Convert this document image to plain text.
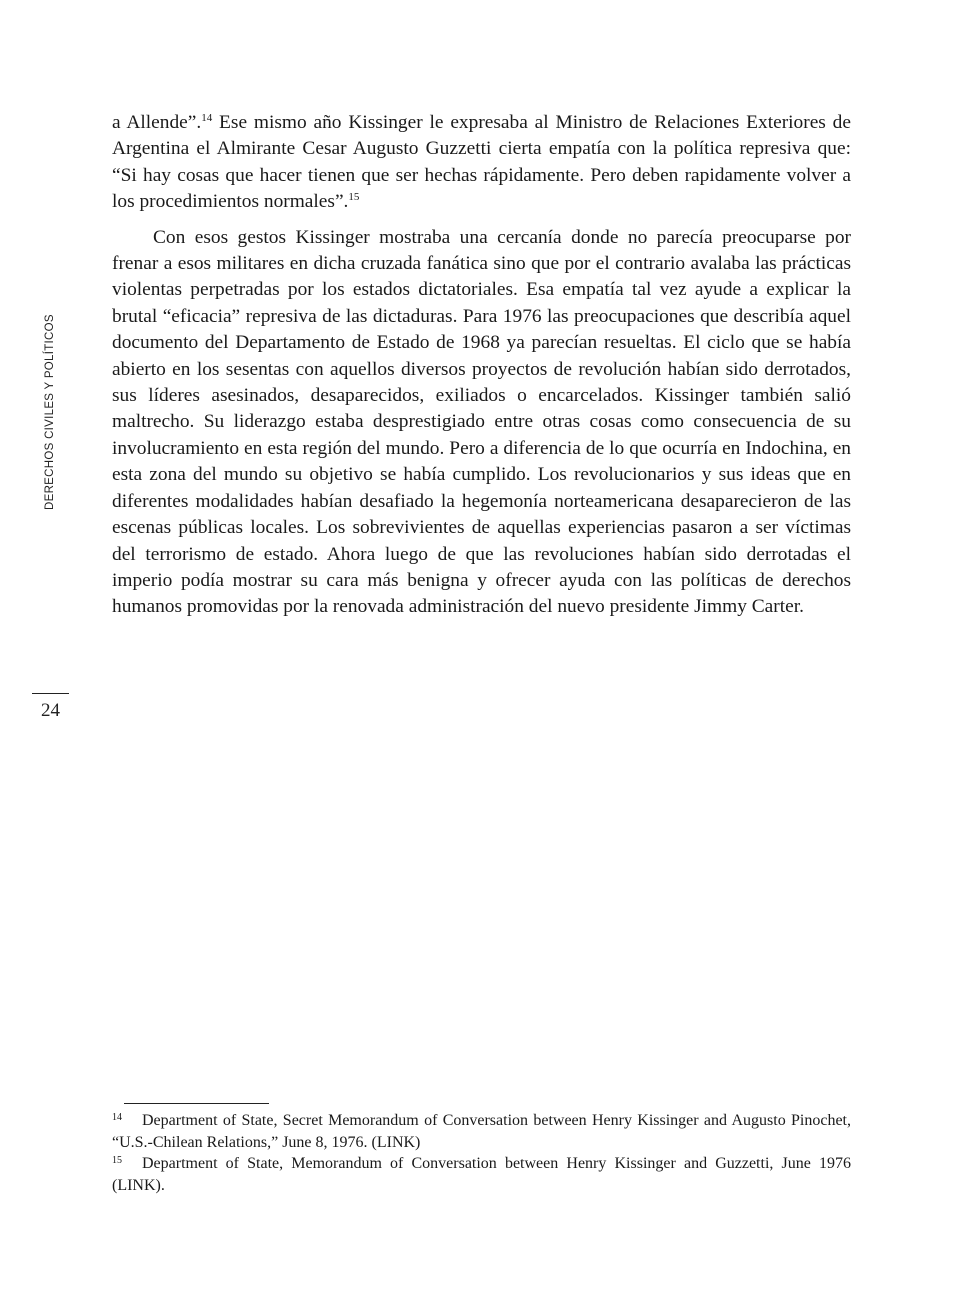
DERECHOS CIVILES Y POLÍTICOS
24

a Allende”.$^{14}$ Ese mismo año Kissinger le expresaba al Ministro de Relaciones Exteriores de Argentina el Almirante Cesar Augusto Guzzetti cierta empatía con la política represiva que: “Si hay cosas que hacer tienen que ser hechas rápidamente. Pero deben rapidamente volver a los procedimientos normales”.$^{15}$

Con esos gestos Kissinger mostraba una cercanía donde no parecía preocuparse por frenar a esos militares en dicha cruzada fanática sino que por el contrario avalaba las prácticas violentas perpetradas por los estados dictatoriales. Esa empatía tal vez ayude a explicar la brutal “eficacia” represiva de las dictaduras. Para 1976 las preocupaciones que describía aquel documento del Departamento de Estado de 1968 ya parecían resueltas. El ciclo que se había abierto en los sesentas con aquellos diversos proyectos de revolución habían sido derrotados, sus líderes asesinados, desaparecidos, exiliados o encarcelados. Kissinger también salió maltrecho. Su liderazgo estaba desprestigiado entre otras cosas como consecuencia de su involucramiento en esta región del mundo. Pero a diferencia de lo que ocurría en Indochina, en esta zona del mundo su objetivo se había cumplido. Los revolucionarios y sus ideas que en diferentes modalidades habían desafiado la hegemonía norteamericana desaparecieron de las escenas públicas locales. Los sobrevivientes de aquellas experiencias pasaron a ser víctimas del terrorismo de estado. Ahora luego de que las revoluciones habían sido derrotadas el imperio podía mostrar su cara más benigna y ofrecer ayuda con las políticas de derechos humanos promovidas por la renovada administración del nuevo presidente Jimmy Carter.

14 Department of State, Secret Memorandum of Conversation between Henry Kissinger and Augusto Pinochet, “U.S.-Chilean Relations,” June 8, 1976. (LINK)

15 Department of State, Memorandum of Conversation between Henry Kissinger and Guzzetti, June 1976 (LINK).
